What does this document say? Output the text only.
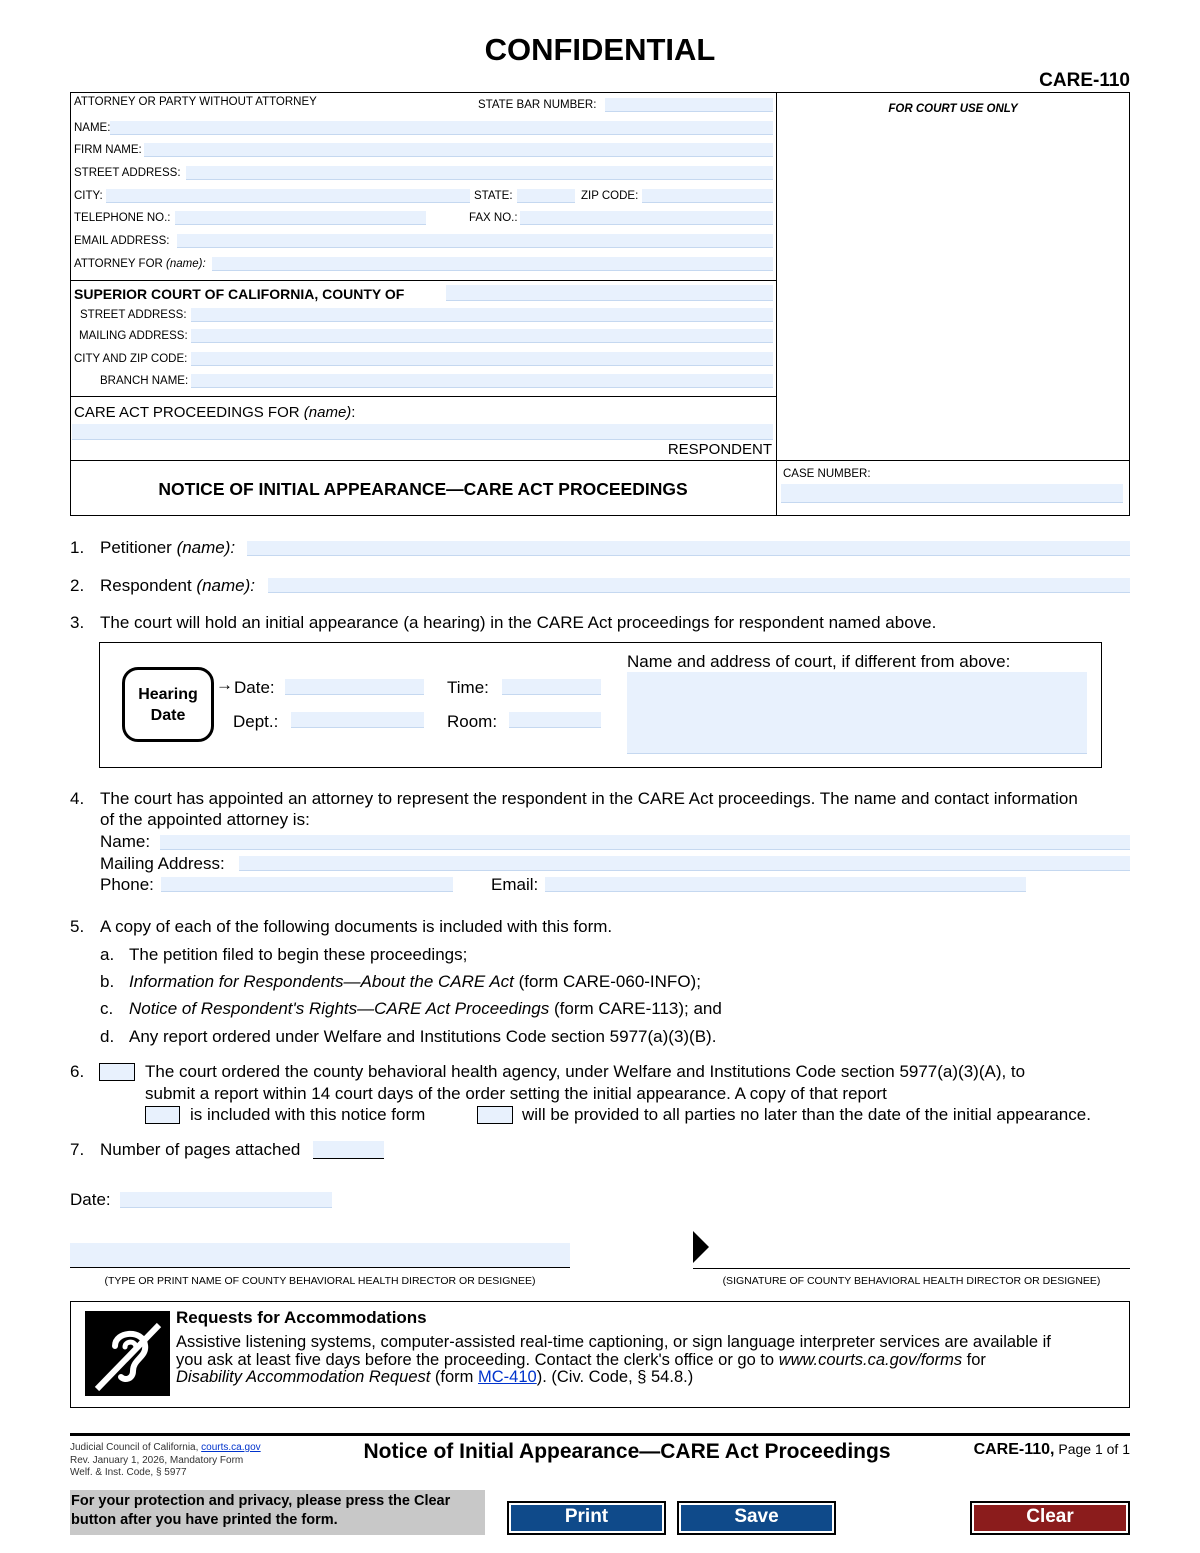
CONFIDENTIAL
CARE-110
ATTORNEY OR PARTY WITHOUT ATTORNEY	STATE BAR NUMBER:
NAME:
FIRM NAME:
STREET ADDRESS:
CITY:	STATE:	ZIP CODE:
TELEPHONE NO.:	FAX NO.:
EMAIL ADDRESS:
ATTORNEY FOR (name):
FOR COURT USE ONLY
SUPERIOR COURT OF CALIFORNIA, COUNTY OF
STREET ADDRESS:
MAILING ADDRESS:
CITY AND ZIP CODE:
BRANCH NAME:
CARE ACT PROCEEDINGS FOR (name):
RESPONDENT
NOTICE OF INITIAL APPEARANCE—CARE ACT PROCEEDINGS
CASE NUMBER:
1. Petitioner (name):
2. Respondent (name):
3. The court will hold an initial appearance (a hearing) in the CARE Act proceedings for respondent named above.
Hearing
Date
→ Date:	Time:
Dept.:	Room:
Name and address of court, if different from above:
4. The court has appointed an attorney to represent the respondent in the CARE Act proceedings. The name and contact information
of the appointed attorney is:
Name:
Mailing Address:
Phone:	Email:
5. A copy of each of the following documents is included with this form.
a. The petition filed to begin these proceedings;
b. Information for Respondents—About the CARE Act (form CARE-060-INFO);
c. Notice of Respondent's Rights—CARE Act Proceedings (form CARE-113); and
d. Any report ordered under Welfare and Institutions Code section 5977(a)(3)(B).
6.	The court ordered the county behavioral health agency, under Welfare and Institutions Code section 5977(a)(3)(A), to
submit a report within 14 court days of the order setting the initial appearance. A copy of that report
is included with this notice form	will be provided to all parties no later than the date of the initial appearance.
7. Number of pages attached
Date:
(TYPE OR PRINT NAME OF COUNTY BEHAVIORAL HEALTH DIRECTOR OR DESIGNEE)	(SIGNATURE OF COUNTY BEHAVIORAL HEALTH DIRECTOR OR DESIGNEE)
Requests for Accommodations
Assistive listening systems, computer-assisted real-time captioning, or sign language interpreter services are available if
you ask at least five days before the proceeding. Contact the clerk's office or go to www.courts.ca.gov/forms for
Disability Accommodation Request (form MC-410). (Civ. Code, § 54.8.)
Judicial Council of California, courts.ca.gov
Rev. January 1, 2026, Mandatory Form
Welf. & Inst. Code, § 5977
Notice of Initial Appearance—CARE Act Proceedings	CARE-110, Page 1 of 1
For your protection and privacy, please press the Clear
button after you have printed the form.	Print	Save	Clear
